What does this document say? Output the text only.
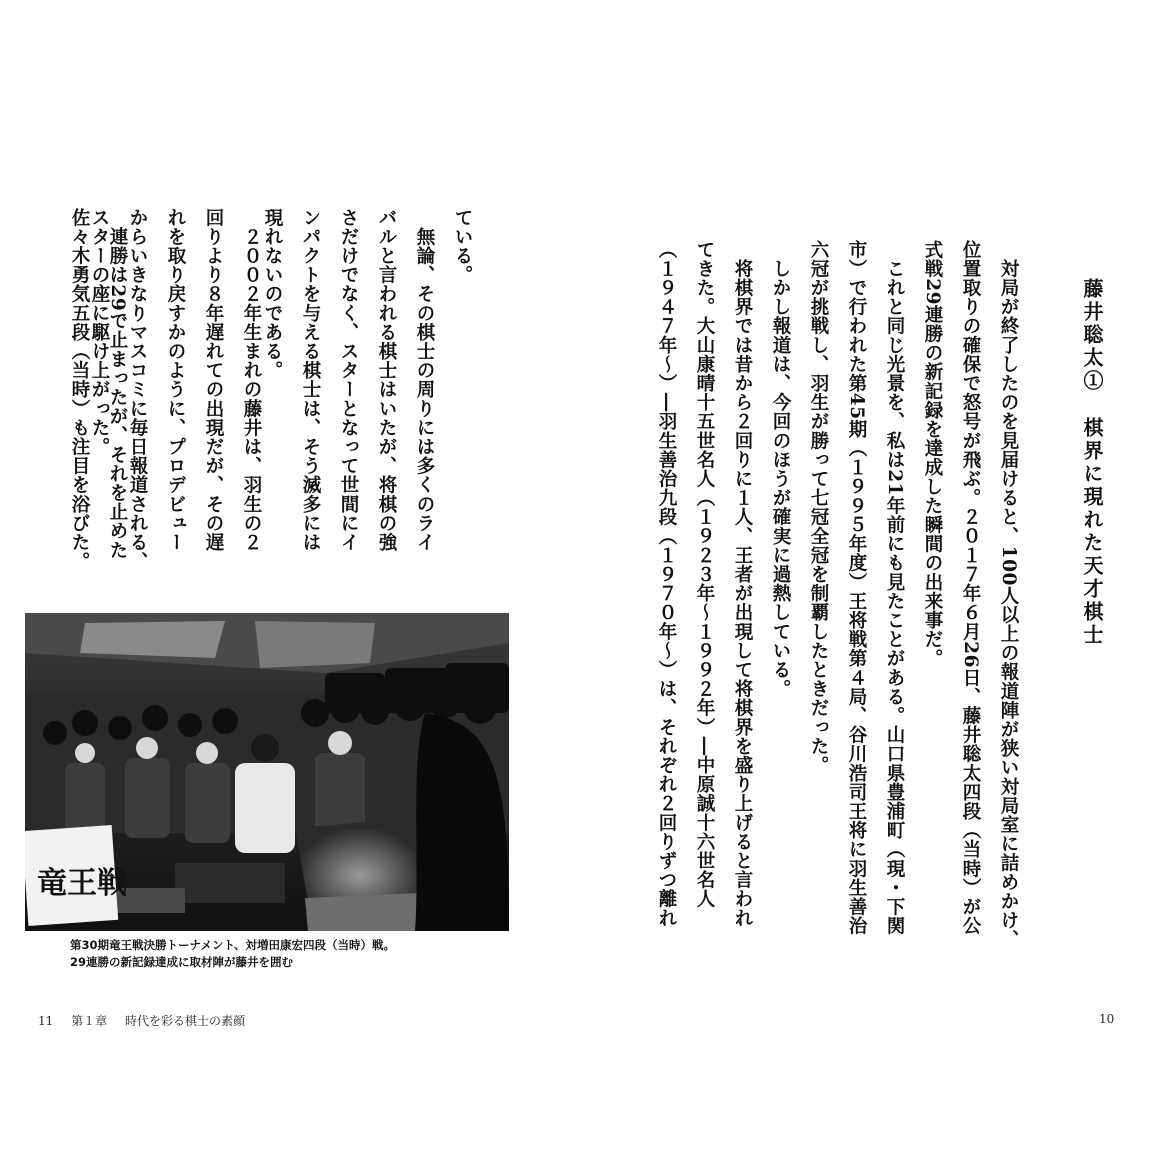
藤井聡太①棋界に現れた天才棋士

　対局が終了したのを見届けると、100人以上の報道陣が狭い対局室に詰めかけ、
位置取りの確保で怒号が飛ぶ。２０１７年６月26日、藤井聡太四段（当時）が公
式戦29連勝の新記録を達成した瞬間の出来事だ。
　これと同じ光景を、私は21年前にも見たことがある。山口県豊浦町（現・下関
市）で行われた第45期（１９９５年度）王将戦第４局、谷川浩司王将に羽生善治
六冠が挑戦し、羽生が勝って七冠全冠を制覇したときだった。
　しかし報道は、今回のほうが確実に過熱している。
　将棋界では昔から２回りに１人、王者が出現して将棋界を盛り上げると言われ
てきた。大山康晴十五世名人（１９２３年～１９９２年）―中原誠十六世名人
（１９４７年～）―羽生善治九段（１９７０年～）は、それぞれ２回りずつ離れ
ている。
　無論、その棋士の周りには多くのライ
バルと言われる棋士はいたが、将棋の強
さだけでなく、スターとなって世間にイ
ンパクトを与える棋士は、そう滅多には
現れないのである。
　２００２年生まれの藤井は、羽生の２
回りより８年遅れての出現だが、その遅
れを取り戻すかのように、プロデビュー
からいきなりマスコミに毎日報道される、
スターの座に駆け上がった。
　連勝は29で止まったが、それを止めた
佐々木勇気五段（当時）も注目を浴びた。
竜王戦
第30期竜王戦決勝トーナメント、対増田康宏四段（当時）戦。
29連勝の新記録達成に取材陣が藤井を囲む
11 第１章 時代を彩る棋士の素顔	10
